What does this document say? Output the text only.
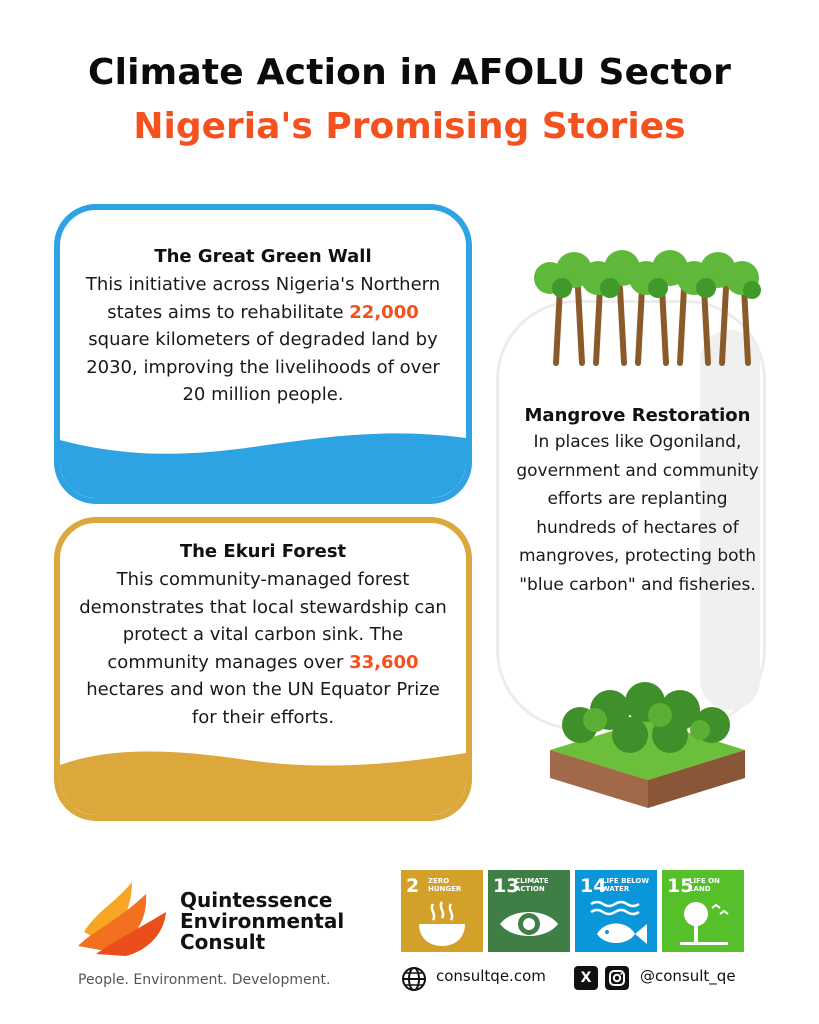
Climate Action in AFOLU Sector
Nigeria's Promising Stories
The Great Green Wall

This initiative across Nigeria's Northern states aims to rehabilitate 22,000 square kilometers of degraded land by 2030, improving the livelihoods of over 20 million people.

The Ekuri Forest

This community-managed forest demonstrates that local stewardship can protect a vital carbon sink. The community manages over 33,600 hectares and won the UN Equator Prize for their efforts.

Mangrove Restoration

In places like Ogoniland, government and community efforts are replanting hundreds of hectares of mangroves, protecting both "blue carbon" and fisheries.

Quintessence
Environmental
Consult
People. Environment. Development.
2 ZERO HUNGER	13
CLIMATE ACTION	14
LIFE BELOW WATER	15
LIFE ON LAND
consultqe.com	X	@consult_qe
